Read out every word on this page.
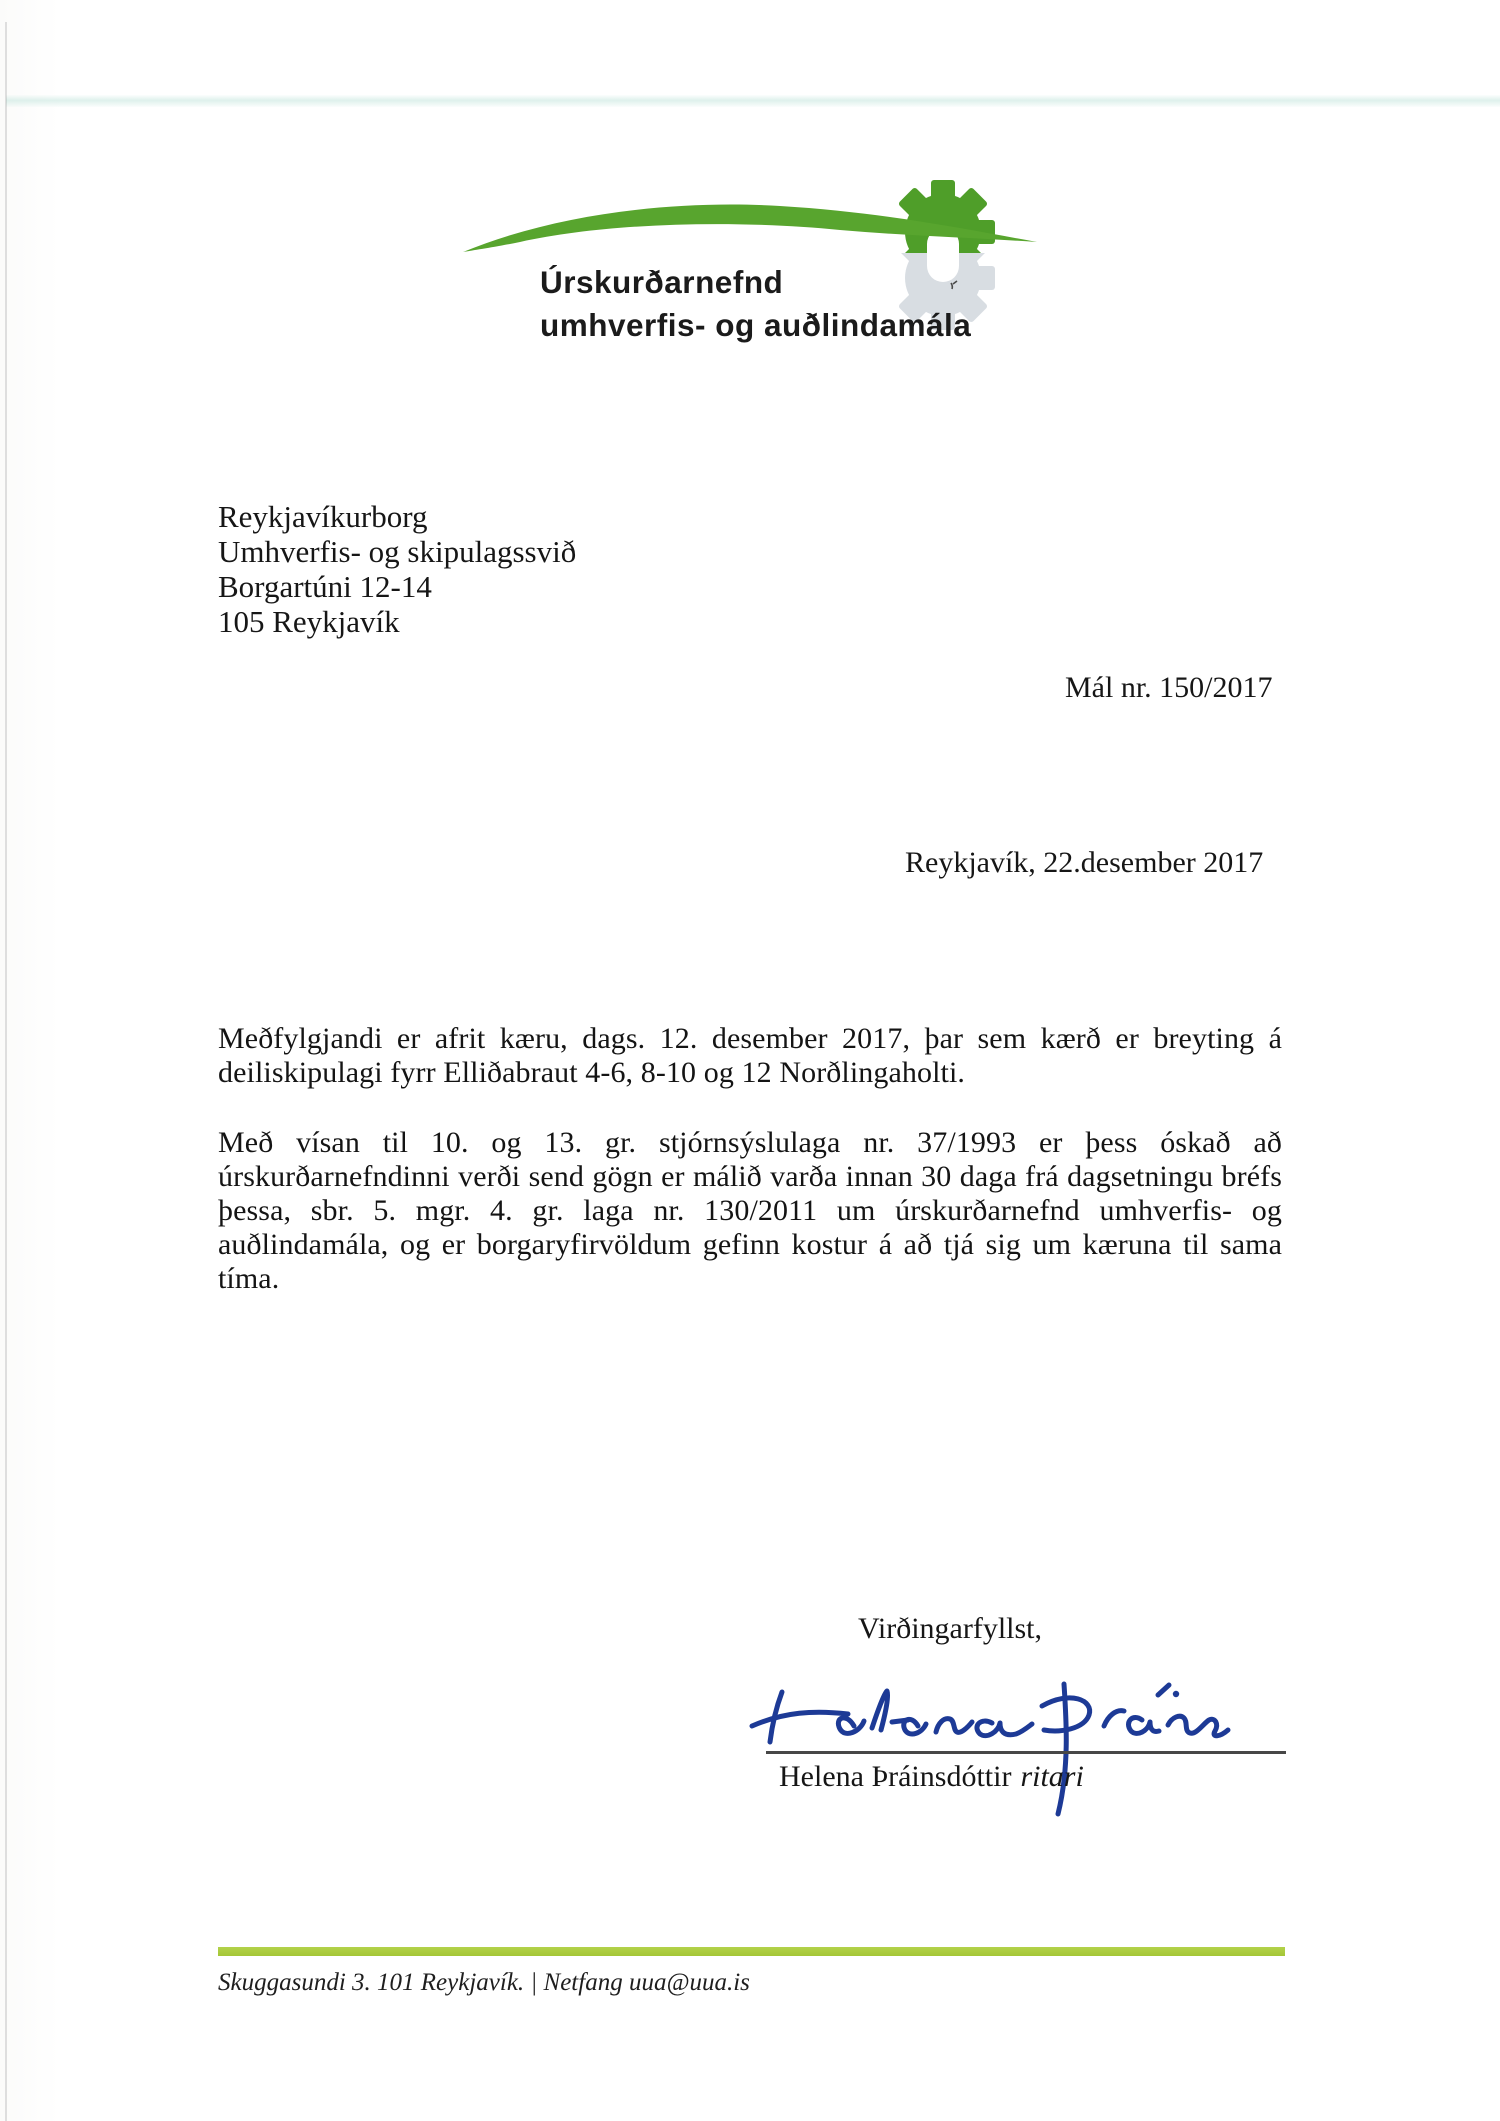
Úrskurðarnefnd
umhverfis- og auðlindamála
Reykjavíkurborg
Umhverfis- og skipulagssvið
Borgartúni 12-14
105 Reykjavík
Mál nr. 150/2017
Reykjavík, 22.desember 2017
Meðfylgjandi er afrit kæru, dags. 12. desember 2017, þar sem kærð er breyting á deiliskipulagi fyrr Elliðabraut 4-6, 8-10 og 12 Norðlingaholti.
Með vísan til 10. og 13. gr. stjórnsýslulaga nr. 37/1993 er þess óskað að úrskurðarnefndinni verði send gögn er málið varða innan 30 daga frá dagsetningu bréfs þessa, sbr. 5. mgr. 4. gr. laga nr. 130/2011 um úrskurðarnefnd umhverfis- og auðlindamála, og er borgaryfirvöldum gefinn kostur á að tjá sig um kæruna til sama tíma.
Virðingarfyllst,
Helena Þráinsdóttir ritari
Skuggasundi 3. 101 Reykjavík. | Netfang uua@uua.is
